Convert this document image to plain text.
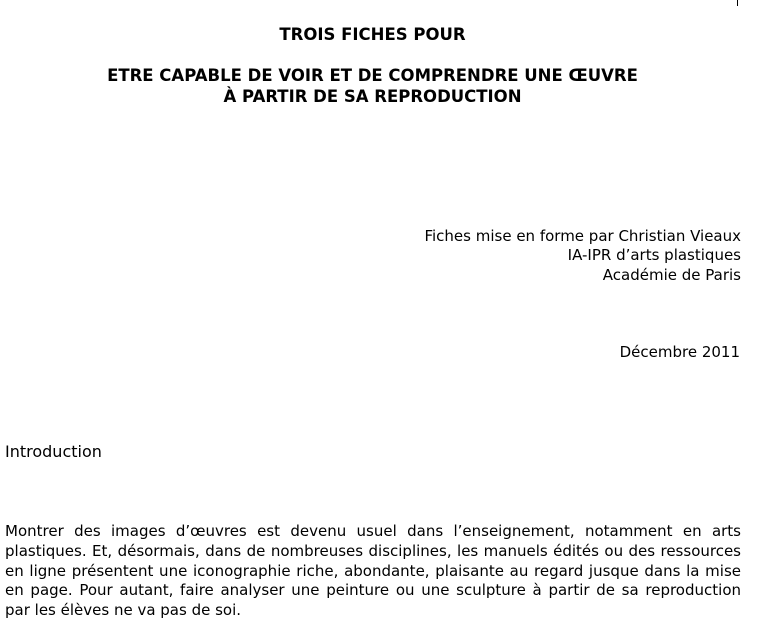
TROIS FICHES POUR
ETRE CAPABLE DE VOIR ET DE COMPRENDRE UNE ŒUVRE
À PARTIR DE SA REPRODUCTION
Fiches mise en forme par Christian Vieaux
IA-IPR d’arts plastiques
Académie de Paris
Décembre 2011
Introduction

Montrer des images d’œuvres est devenu usuel dans l’enseignement, notamment en arts plastiques. Et, désormais, dans de nombreuses disciplines, les manuels édités ou des ressources en ligne présentent une iconographie riche, abondante, plaisante au regard jusque dans la mise en page. Pour autant, faire analyser une peinture ou une sculpture à partir de sa reproduction par les élèves ne va pas de soi.
